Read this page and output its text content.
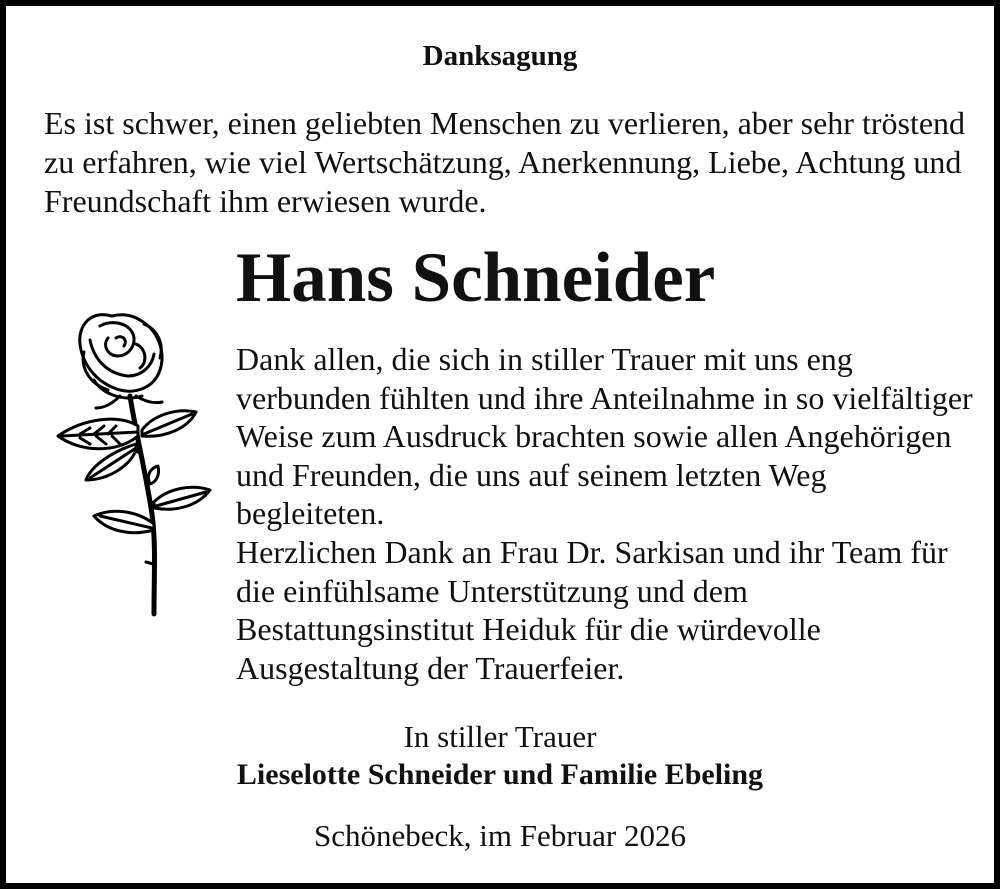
Danksagung
Es ist schwer, einen geliebten Menschen zu verlieren, aber sehr tröstend zu erfahren, wie viel Wertschätzung, Anerkennung, Liebe, Achtung und Freundschaft ihm erwiesen wurde.
Hans Schneider

Dank allen, die sich in stiller Trauer mit uns eng verbunden fühlten und ihre Anteilnahme in so vielfältiger Weise zum Ausdruck brachten sowie allen Angehörigen und Freunden, die uns auf seinem letzten Weg begleiteten.

Herzlichen Dank an Frau Dr. Sarkisan und ihr Team für die einfühlsame Unterstützung und dem Bestattungsinstitut Heiduk für die würdevolle Ausgestaltung der Trauerfeier.

In stiller Trauer
Lieselotte Schneider und Familie Ebeling
Schönebeck, im Februar 2026
